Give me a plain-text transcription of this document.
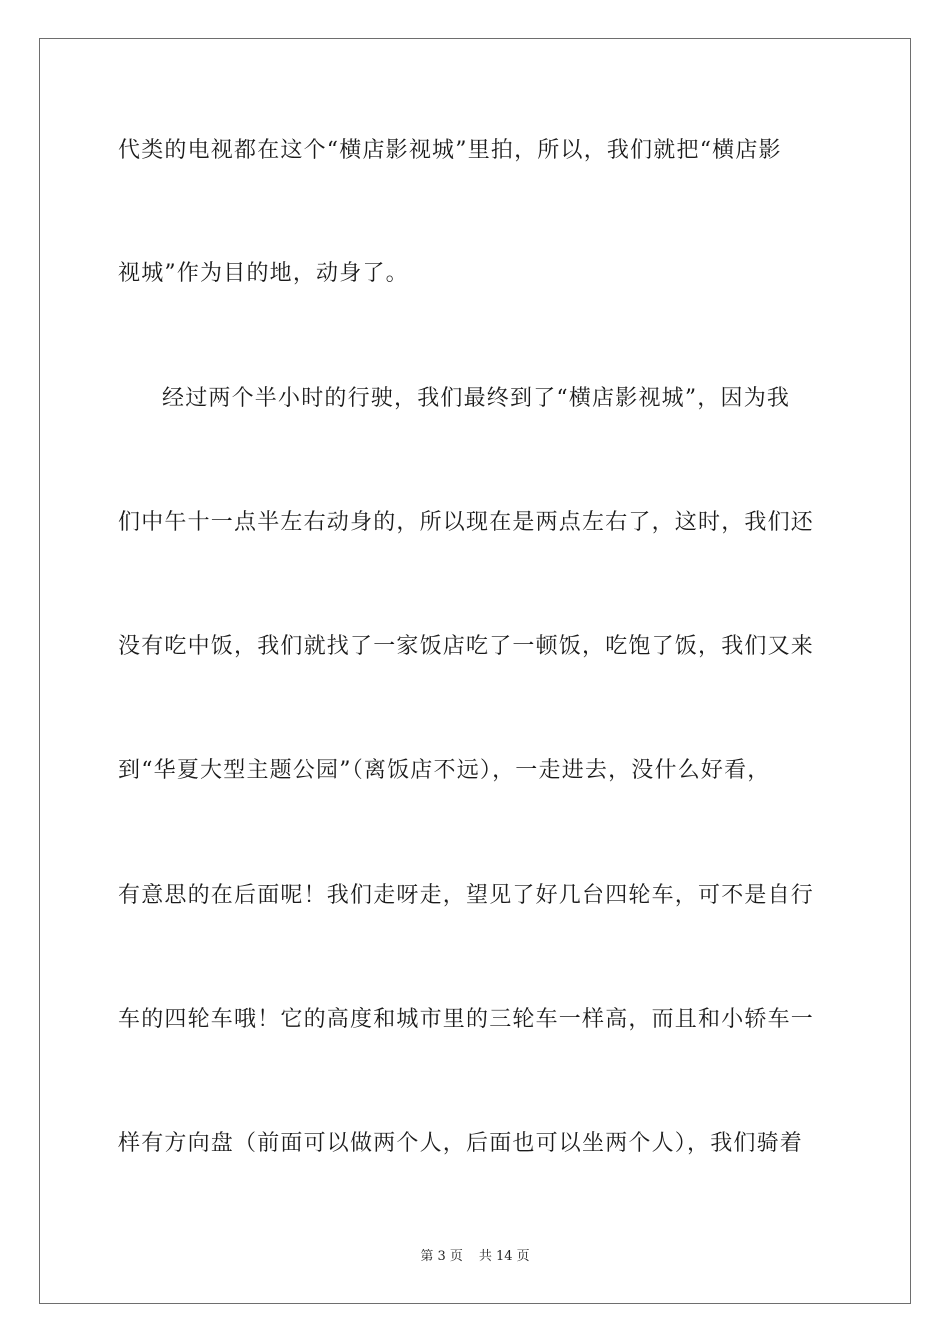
代类的电视都在这个“横店影视城”里拍，所以，我们就把“横店影
视城”作为目的地，动身了。
经过两个半小时的行驶，我们最终到了“横店影视城”，因为我
们中午十一点半左右动身的，所以现在是两点左右了，这时，我们还
没有吃中饭，我们就找了一家饭店吃了一顿饭，吃饱了饭，我们又来
到“华夏大型主题公园”（离饭店不远），一走进去，没什么好看，
有意思的在后面呢！我们走呀走，望见了好几台四轮车，可不是自行
车的四轮车哦！它的高度和城市里的三轮车一样高，而且和小轿车一
样有方向盘（前面可以做两个人，后面也可以坐两个人），我们骑着
第 3 页 共 14 页
